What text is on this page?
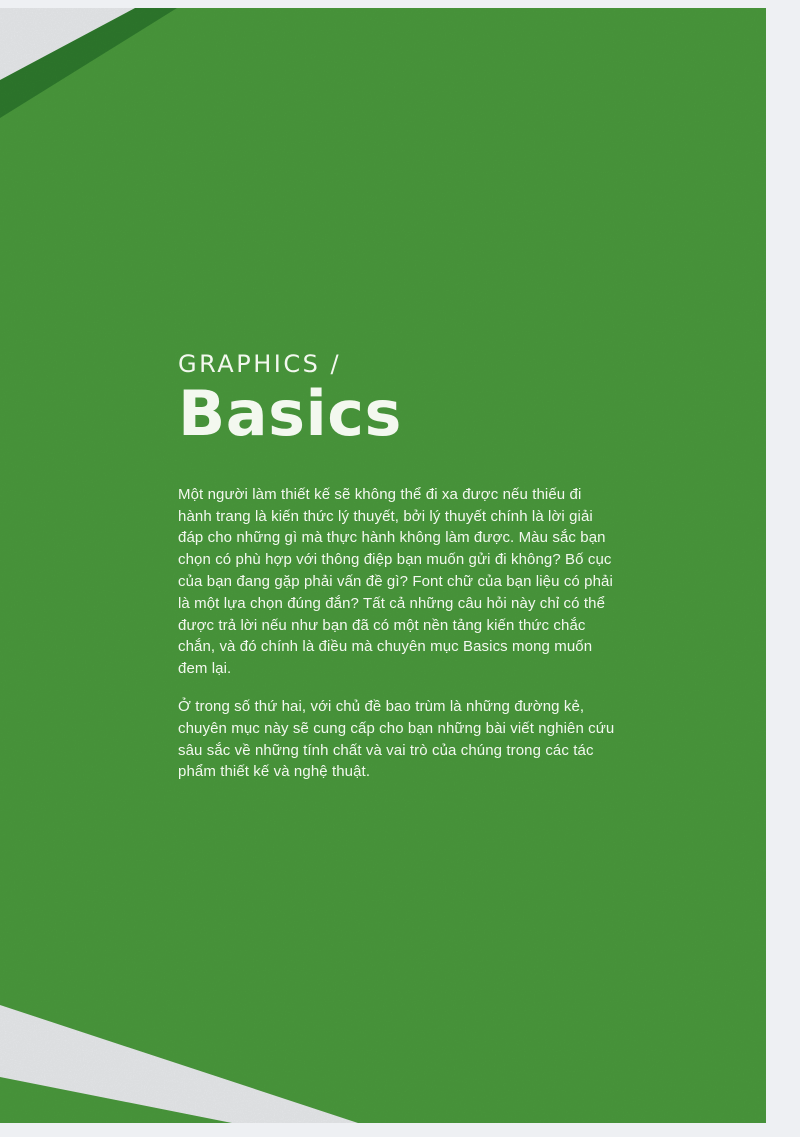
GRAPHICS /
Basics

Một người làm thiết kế sẽ không thể đi xa được nếu thiếu đi hành trang là kiến thức lý thuyết, bởi lý thuyết chính là lời giải đáp cho những gì mà thực hành không làm được. Màu sắc bạn chọn có phù hợp với thông điệp bạn muốn gửi đi không? Bố cục của bạn đang gặp phải vấn đề gì? Font chữ của bạn liệu có phải là một lựa chọn đúng đắn? Tất cả những câu hỏi này chỉ có thể được trả lời nếu như bạn đã có một nền tảng kiến thức chắc chắn, và đó chính là điều mà chuyên mục Basics mong muốn đem lại.

Ở trong số thứ hai, với chủ đề bao trùm là những đường kẻ, chuyên mục này sẽ cung cấp cho bạn những bài viết nghiên cứu sâu sắc về những tính chất và vai trò của chúng trong các tác phẩm thiết kế và nghệ thuật.
